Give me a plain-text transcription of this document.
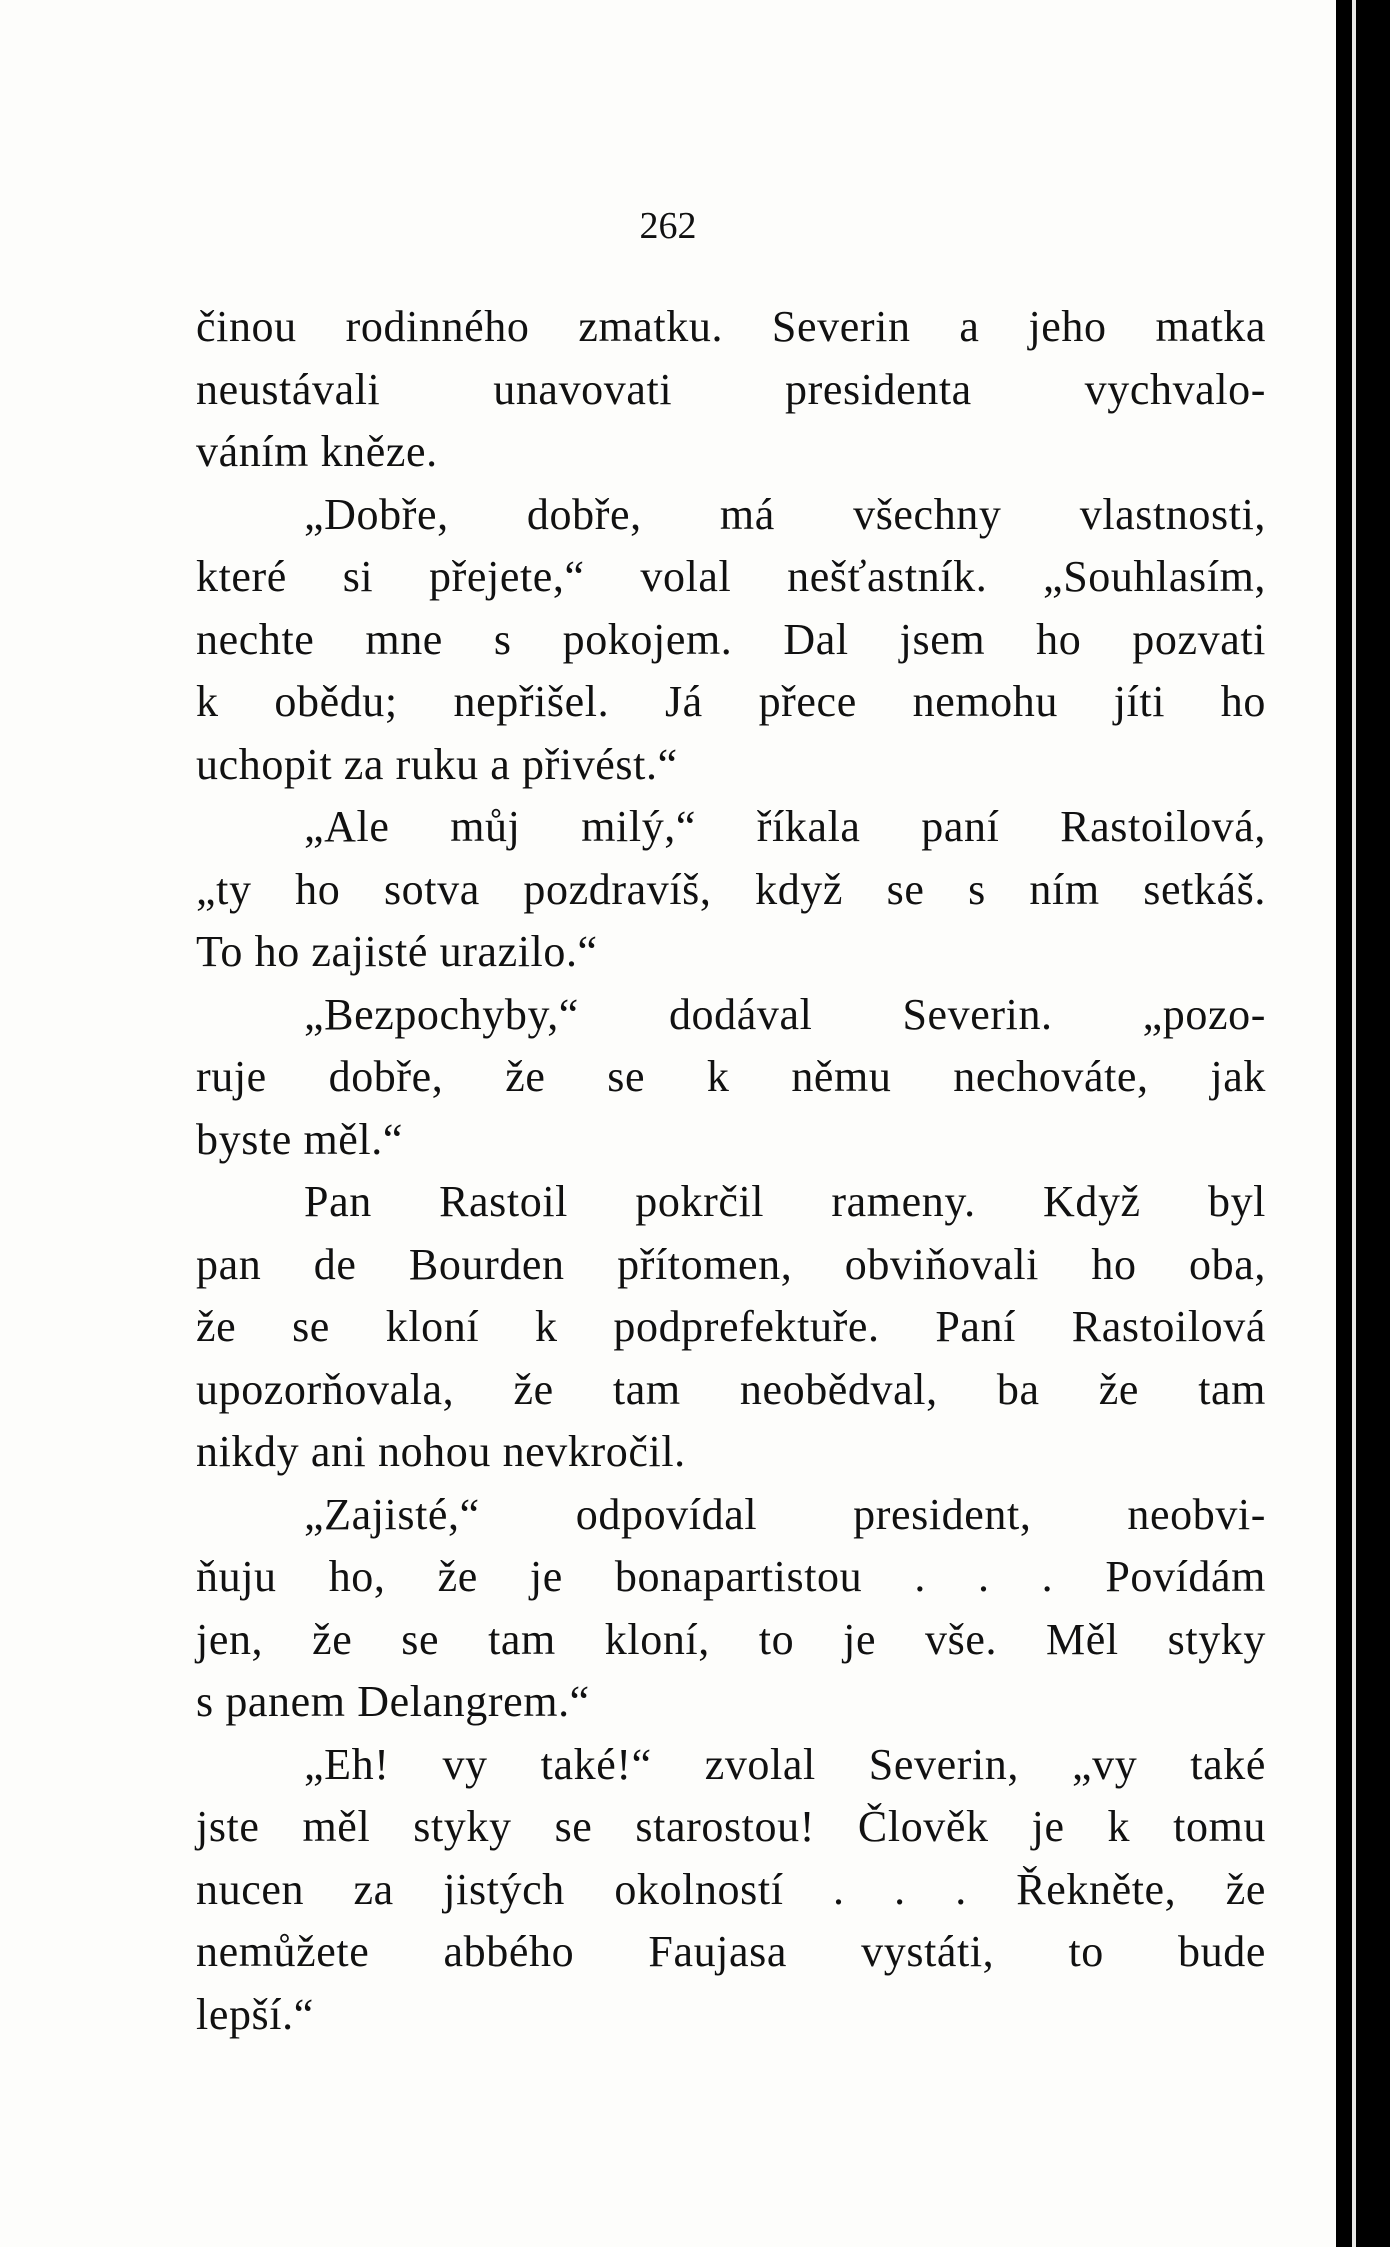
262
činou rodinného zmatku. Severin a jeho matka
neustávali unavovati presidenta vychvalo-
váním kněze.
„Dobře, dobře, má všechny vlastnosti,
které si přejete,“ volal nešťastník. „Souhlasím,
nechte mne s pokojem. Dal jsem ho pozvati
k obědu; nepřišel. Já přece nemohu jíti ho
uchopit za ruku a přivést.“
„Ale můj milý,“ říkala paní Rastoilová,
„ty ho sotva pozdravíš, když se s ním setkáš.
To ho zajisté urazilo.“
„Bezpochyby,“ dodával Severin. „pozo-
ruje dobře, že se k němu nechováte, jak
byste měl.“
Pan Rastoil pokrčil rameny. Když byl
pan de Bourden přítomen, obviňovali ho oba,
že se kloní k podprefektuře. Paní Rastoilová
upozorňovala, že tam neobědval, ba že tam
nikdy ani nohou nevkročil.
„Zajisté,“ odpovídal president, neobvi-
ňuju ho, že je bonapartistou . . . Povídám
jen, že se tam kloní, to je vše. Měl styky
s panem Delangrem.“
„Eh! vy také!“ zvolal Severin, „vy také
jste měl styky se starostou! Člověk je k tomu
nucen za jistých okolností . . . Řekněte, že
nemůžete abbého Faujasa vystáti, to bude
lepší.“
